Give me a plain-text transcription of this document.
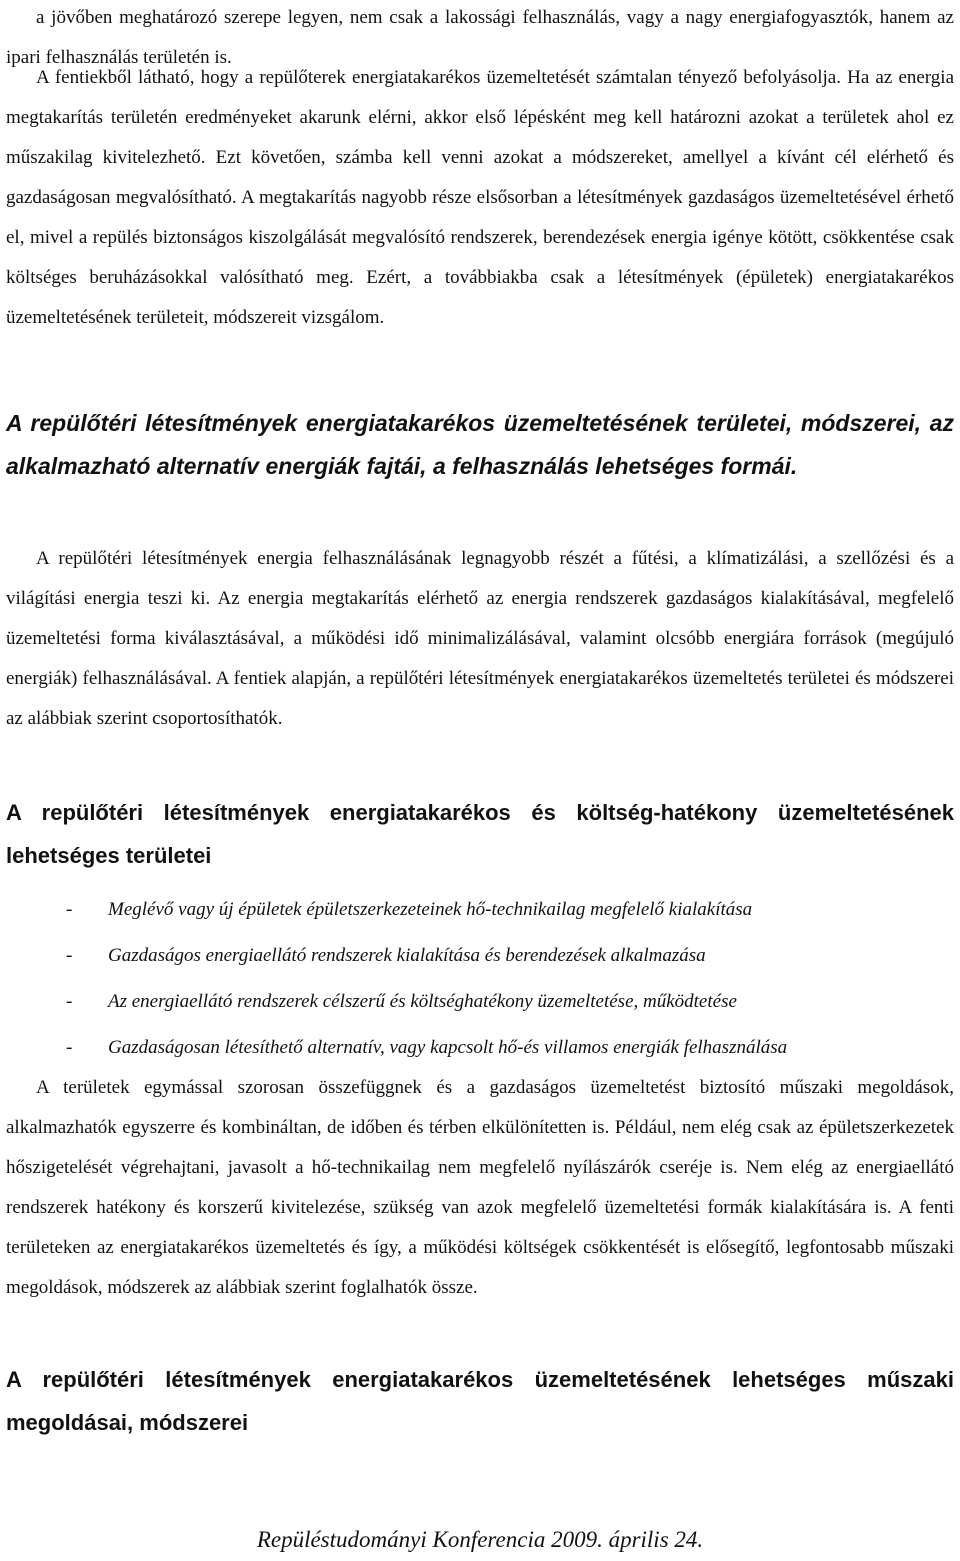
a jövőben meghatározó szerepe legyen, nem csak a lakossági felhasználás, vagy a nagy energiafogyasztók, hanem az ipari felhasználás területén is.

A fentiekből látható, hogy a repülőterek energiatakarékos üzemeltetését számtalan tényező befolyásolja. Ha az energia megtakarítás területén eredményeket akarunk elérni, akkor első lépésként meg kell határozni azokat a területek ahol ez műszakilag kivitelezhető. Ezt követően, számba kell venni azokat a módszereket, amellyel a kívánt cél elérhető és gazdaságosan megvalósítható. A megtakarítás nagyobb része elsősorban a létesítmények gazdaságos üzemeltetésével érhető el, mivel a repülés biztonságos kiszolgálását megvalósító rendszerek, berendezések energia igénye kötött, csökkentése csak költséges beruházásokkal valósítható meg. Ezért, a továbbiakba csak a létesítmények (épületek) energiatakarékos üzemeltetésének területeit, módszereit vizsgálom.

A repülőtéri létesítmények energiatakarékos üzemeltetésének területei, módszerei, az alkalmazható alternatív energiák fajtái, a felhasználás lehetséges formái.

A repülőtéri létesítmények energia felhasználásának legnagyobb részét a fűtési, a klímatizálási, a szellőzési és a világítási energia teszi ki. Az energia megtakarítás elérhető az energia rendszerek gazdaságos kialakításával, megfelelő üzemeltetési forma kiválasztásával, a működési idő minimalizálásával, valamint olcsóbb energiára források (megújuló energiák) felhasználásával. A fentiek alapján, a repülőtéri létesítmények energiatakarékos üzemeltetés területei és módszerei az alábbiak szerint csoportosíthatók.

A repülőtéri létesítmények energiatakarékos és költség-hatékony üzemeltetésének lehetséges területei

- Meglévő vagy új épületek épületszerkezeteinek hő-technikailag megfelelő kialakítása
- Gazdaságos energiaellátó rendszerek kialakítása és berendezések alkalmazása
- Az energiaellátó rendszerek célszerű és költséghatékony üzemeltetése, működtetése
- Gazdaságosan létesíthető alternatív, vagy kapcsolt hő-és villamos energiák felhasználása

A területek egymással szorosan összefüggnek és a gazdaságos üzemeltetést biztosító műszaki megoldások, alkalmazhatók egyszerre és kombináltan, de időben és térben elkülönítetten is. Például, nem elég csak az épületszerkezetek hőszigetelését végrehajtani, javasolt a hő-technikailag nem megfelelő nyílászárók cseréje is. Nem elég az energiaellátó rendszerek hatékony és korszerű kivitelezése, szükség van azok megfelelő üzemeltetési formák kialakítására is. A fenti területeken az energiatakarékos üzemeltetés és így, a működési költségek csökkentését is elősegítő, legfontosabb műszaki megoldások, módszerek az alábbiak szerint foglalhatók össze.

A repülőtéri létesítmények energiatakarékos üzemeltetésének lehetséges műszaki megoldásai, módszerei

Repüléstudományi Konferencia 2009. április 24.
